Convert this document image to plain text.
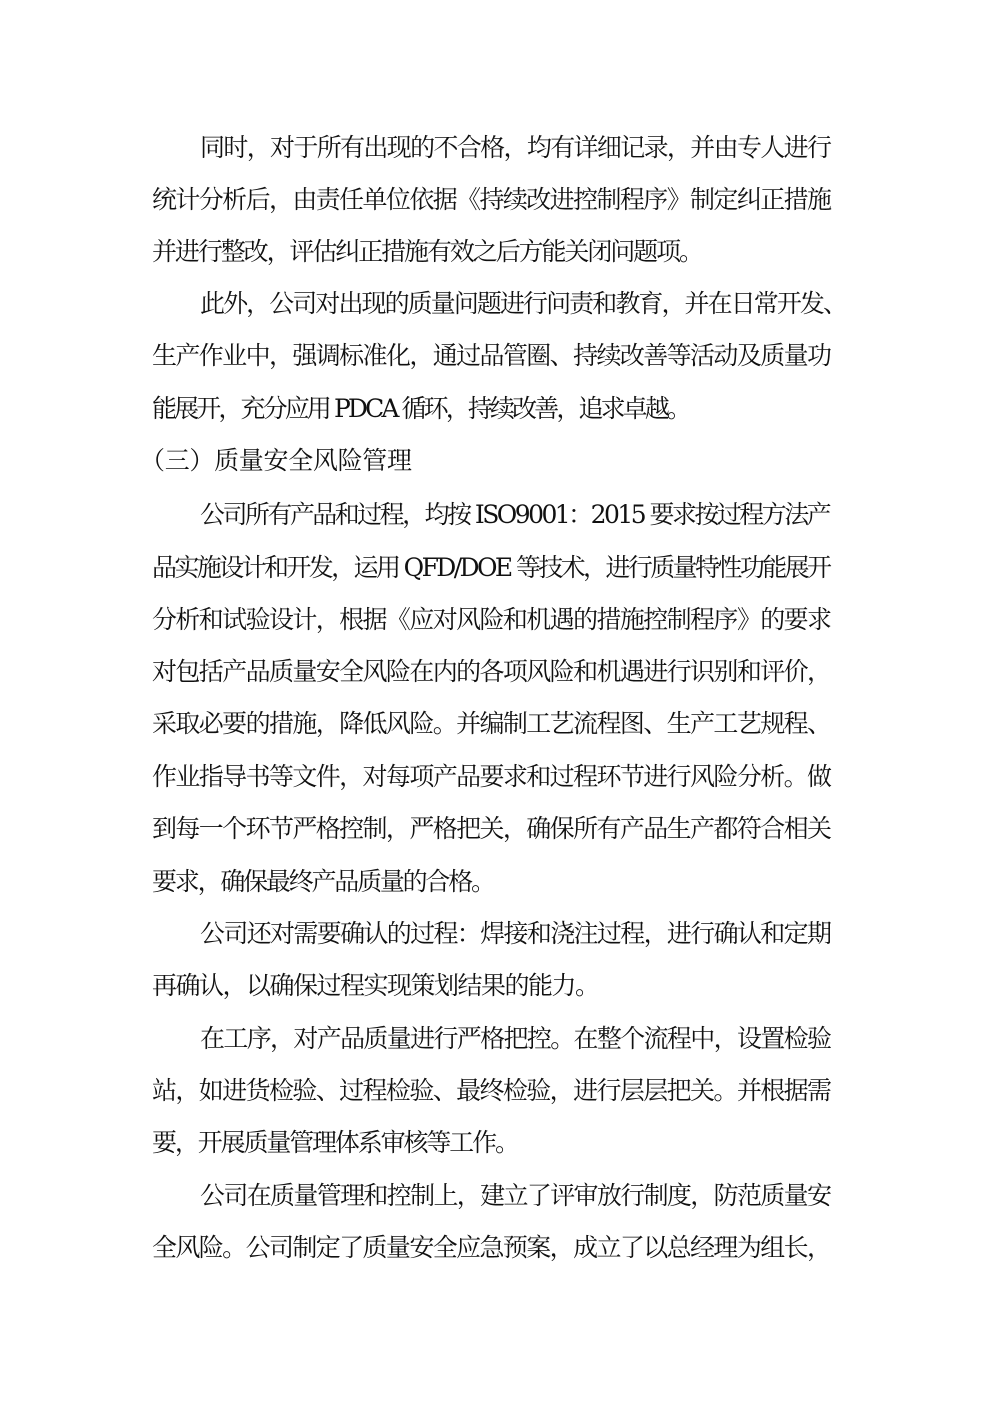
同时，对于所有出现的不合格，均有详细记录，并由专人进行
统计分析后，由责任单位依据《持续改进控制程序》制定纠正措施
并进行整改，评估纠正措施有效之后方能关闭问题项。
此外，公司对出现的质量问题进行问责和教育，并在日常开发、
生产作业中，强调标准化，通过品管圈、持续改善等活动及质量功
能展开，充分应用 PDCA 循环，持续改善，追求卓越。
（三）质量安全风险管理
公司所有产品和过程，均按 ISO9001：2015 要求按过程方法产
品实施设计和开发，运用 QFD/DOE 等技术，进行质量特性功能展开
分析和试验设计，根据《应对风险和机遇的措施控制程序》的要求
对包括产品质量安全风险在内的各项风险和机遇进行识别和评价，
采取必要的措施，降低风险。并编制工艺流程图、生产工艺规程、
作业指导书等文件，对每项产品要求和过程环节进行风险分析。做
到每一个环节严格控制，严格把关，确保所有产品生产都符合相关
要求，确保最终产品质量的合格。
公司还对需要确认的过程：焊接和浇注过程，进行确认和定期
再确认，以确保过程实现策划结果的能力。
在工序，对产品质量进行严格把控。在整个流程中，设置检验
站，如进货检验、过程检验、最终检验，进行层层把关。并根据需
要，开展质量管理体系审核等工作。
公司在质量管理和控制上，建立了评审放行制度，防范质量安
全风险。公司制定了质量安全应急预案，成立了以总经理为组长，
